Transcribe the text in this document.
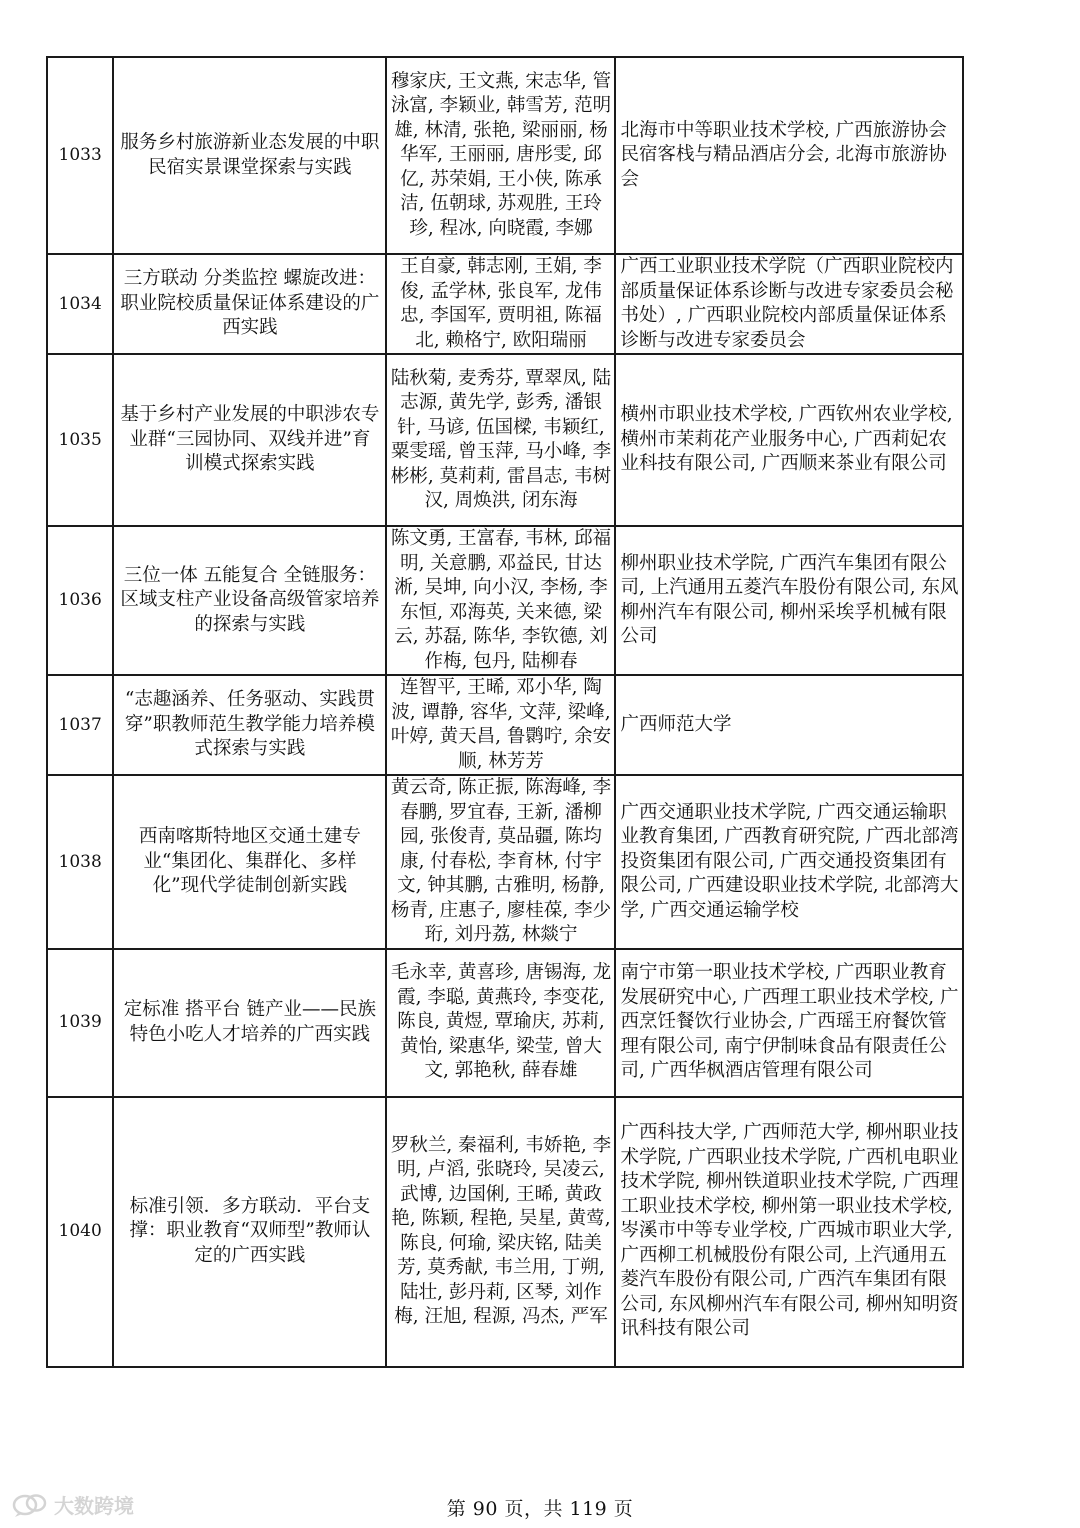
1033	服务乡村旅游新业态发展的中职民宿实景课堂探索与实践	穆家庆, 王文燕, 宋志华, 管泳富, 李颖业, 韩雪芳, 范明雄, 林清, 张艳, 梁丽丽, 杨华军, 王丽丽, 唐彤雯, 邱　亿, 苏荣娟, 王小侠, 陈承洁, 伍朝球, 苏观胜, 王玲珍, 程冰, 向晓霞, 李娜	北海市中等职业技术学校, 广西旅游协会民宿客栈与精品酒店分会, 北海市旅游协会
1034	三方联动 分类监控 螺旋改进：职业院校质量保证体系建设的广西实践	王自豪, 韩志刚, 王娟, 李俊, 孟学林, 张良军, 龙伟忠, 李国军, 贾明祖, 陈福北, 赖格宁, 欧阳瑞丽	广西工业职业技术学院（广西职业院校内部质量保证体系诊断与改进专家委员会秘书处）, 广西职业院校内部质量保证体系诊断与改进专家委员会
1035	基于乡村产业发展的中职涉农专业群“三园协同、双线并进”育训模式探索实践	陆秋菊, 麦秀芬, 覃翠凤, 陆志源, 黄先学, 彭秀, 潘银针, 马谚, 伍国樑, 韦颖红, 粟雯瑶, 曾玉萍, 马小峰, 李彬彬, 莫莉莉, 雷昌志, 韦树汉, 周焕洪, 闭东海	横州市职业技术学校, 广西钦州农业学校, 横州市茉莉花产业服务中心, 广西莉妃农业科技有限公司, 广西顺来茶业有限公司
1036	三位一体 五能复合 全链服务：区域支柱产业设备高级管家培养的探索与实践	陈文勇, 王富春, 韦林, 邱福明, 关意鹏, 邓益民, 甘达淅, 吴坤, 向小汉, 李杨, 李东恒, 邓海英, 关来德, 梁云, 苏磊, 陈华, 李钦德, 刘作梅, 包丹, 陆柳春	柳州职业技术学院, 广西汽车集团有限公司, 上汽通用五菱汽车股份有限公司, 东风柳州汽车有限公司, 柳州采埃孚机械有限公司
1037	“志趣涵养、任务驱动、实践贯穿”职教师范生教学能力培养模式探索与实践	连智平, 王晞, 邓小华, 陶波, 谭静, 容华, 文萍, 梁峰, 叶婷, 黄天昌, 鲁鹮咛, 余安顺, 林芳芳	广西师范大学
1038	西南喀斯特地区交通土建专业“集团化、集群化、多样化”现代学徒制创新实践	黄云奇, 陈正振, 陈海峰, 李春鹏, 罗宜春, 王新, 潘柳园, 张俊青, 莫品疆, 陈均康, 付春松, 李育林, 付宇文, 钟其鹏, 古雅明, 杨静, 杨青, 庄惠子, 廖桂葆, 李少珩, 刘丹荔, 林燚宁	广西交通职业技术学院, 广西交通运输职业教育集团, 广西教育研究院, 广西北部湾投资集团有限公司, 广西交通投资集团有限公司, 广西建设职业技术学院, 北部湾大学, 广西交通运输学校
1039	定标准 搭平台 链产业——民族特色小吃人才培养的广西实践	毛永幸, 黄喜珍, 唐锡海, 龙霞, 李聪, 黄燕玲, 李变花, 陈良, 黄煜, 覃瑜庆, 苏莉, 黄怡, 梁惠华, 梁莹, 曾大文, 郭艳秋, 薛春雄	南宁市第一职业技术学校, 广西职业教育发展研究中心, 广西理工职业技术学校, 广西烹饪餐饮行业协会, 广西瑶王府餐饮管理有限公司, 南宁伊制味食品有限责任公司, 广西华枫酒店管理有限公司
1040	标准引领．多方联动．平台支撑：职业教育“双师型”教师认定的广西实践	罗秋兰, 秦福利, 韦娇艳, 李明, 卢滔, 张晓玲, 吴凌云, 武博, 边国俐, 王晞, 黄政艳, 陈颖, 程艳, 吴星, 黄莺, 陈良, 何瑜, 梁庆铭, 陆美芳, 莫秀献, 韦兰用, 丁朔, 陆壮, 彭丹莉, 区琴, 刘作梅, 汪旭, 程源, 冯杰, 严军	广西科技大学, 广西师范大学, 柳州职业技术学院, 广西职业技术学院, 广西机电职业技术学院, 柳州铁道职业技术学院, 广西理工职业技术学校, 柳州第一职业技术学校, 岑溪市中等专业学校, 广西城市职业大学, 广西柳工机械股份有限公司, 上汽通用五菱汽车股份有限公司, 广西汽车集团有限公司, 东风柳州汽车有限公司, 柳州知明资讯科技有限公司
第 90 页，共 119 页
大数跨境
